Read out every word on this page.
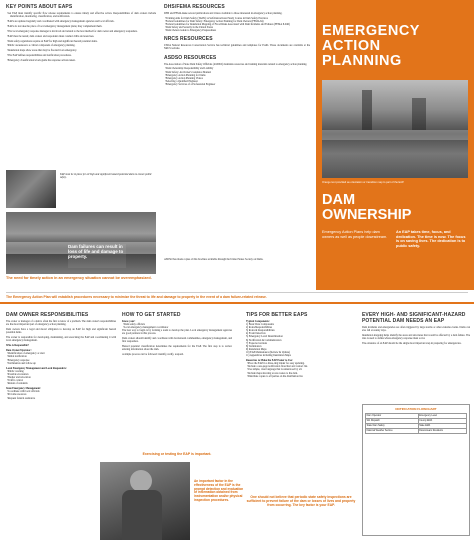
KEY POINTS ABOUT EAPS
• An EAP must identify specific flow release requirements to ensure timely and effective action. Responsibilities of dam owners include identification, monitoring, classification, and notification.
• EAPs are updated regularly and coordinated with emergency management agencies and local officials.
• EAPs do not take the place of local emergency management plans; they complement them.
• The local emergency response manager is involved and related to the best method for dam owner and emergency responders.
• EAP must be tested; dam owners and responders must conduct drills and exercises.
• Dam safety regulations require an EAP for high and significant hazard potential dams.
• Public awareness is a critical component of emergency planning.
• Inundation maps show areas that may be flooded in an emergency.
• The EAP defines responsibilities and notification procedures.
• Emergency classification levels guide the response actions taken.
EAP must be in place for all high and significant hazard potential dams to ensure public safety.
Dam failures can result in loss of life and damage to property.
The need for timely action in an emergency situation cannot be overemphasized.
DHS/FEMA RESOURCES
DHS and FEMA make several publications and videos available to those interested in emergency action planning.
• Training Aids for Dam Safety (TADS): A Self-Instructional Study Course in Dam Safety Practices
• Federal Guidelines for Dam Safety: Emergency Action Planning for Dam Owners (FEMA 64)
• Federal Guidelines for Inundation Mapping of Flood Risks Associated with Dam Incidents and Failures (FEMA P-946)
• Dam Safety and Security in the United States
• Dam Owners Guide to Emergency Preparedness
NRCS RESOURCES
USDA Natural Resources Conservation Service has technical guidelines and templates for EAPs. These documents are available at the NRCS website.
ASDSO RESOURCES
The Association of State Dam Safety Officials (ASDSO) maintains resources and training materials related to emergency action planning.
• Dam Ownership: Responsibility and Liability
• Dam Safety: An Owner's Guidance Manual
• Emergency Action Planning for Dams
• Emergency Action Planning Videos
• Selecting a Qualified Engineer
• Emergency Services of a Professional Engineer
ASDSO has made copies of this brochure available through the United States Society on Dams.
EMERGENCY
ACTION
PLANNING
Orange text provided as orientation or transition map to part of the EAP.
DAM
OWNERSHIP
Emergency Action Plans help dam owners as well as people downstream.
An EAP takes time, focus, and dedication. The time is now. The focus is on saving lives. The dedication is to public safety.
The Emergency Action Plan will establish procedures necessary to minimize the threat to life and damage to property in the event of a dam failure-related release.
DAM OWNER RESPONSIBILITIES
The owner or manager of a dam is often the first to know of a problem. The dam owner's responsibilities are the most important part of emergency action planning.
Dam owners have a legal and moral obligation to develop an EAP for high and significant hazard potential dams.
The owner is responsible for developing, maintaining, and exercising the EAP and coordinating it with local emergency management.
Who is Responsible?
Dam Owner/Operator:
• Identification of emergency or alert
• Initial notification
• Emergency response
• Termination and follow-up
Local Emergency Management and Local Responders:
• Public warning
• Possible evacuation
• Shelter and relocation
• Traffic control
• Return of residents
State Emergency Management:
• Coordinate with local officials
• Provide resources
• Request federal assistance
HOW TO GET STARTED
Know your:
• Dam safety officials
• Local emergency management coordinator
The best way to begin is by forming a team to develop the plan. Local emergency management agencies are good partners in this process.
Dam owners should identify and coordinate with downstream communities, emergency management, and first responders.
Hazard potential classification determines the requirements for the EAP. The first step is to review existing information about the dam.
A simple process can be followed: identify, notify, respond.
Exercising or testing the EAP is important.
An important factor in the effectiveness of the EAP is the prompt detection and evaluation of information obtained from instrumentation and/or physical inspection procedures.
TIPS FOR BETTER EAPS
Typical Components:
1) Basic Data Components
2) Roles/Responsibilities
3) Roles & Responsibilities
4) Event Detection
5) Emergency Level Determination
6) Notification & Communication
7) Expected Actions
8) Termination
9) Inundation Maps
10) EAP Maintenance (Review & Update)
11) Appendices including Inundation Maps
Resources to Make the EAP Easier to Use:
• Place the EAP in a three-ring binder for easy updating.
• Include a one-page notification flowchart and contact list.
• Use simple, clear language that is understood by all.
• Include maps showing access routes to the dam.
• Distribute copies to all parties on the distribution list.
One should not believe that periodic state safety inspections are sufficient to prevent failure of the dam or losses of lives and property from occurring. The key factor is your EAP.
EVERY HIGH- AND SIGNIFICANT-HAZARD POTENTIAL DAM NEEDS AN EAP
Dam incidents and emergencies are often triggered by large storms or other extreme events. Dams can also fail on sunny days.
Inundation mapping helps identify the areas and structures that would be affected by a dam failure. The data is used to define where emergency response must occur.
The existence of an EAP should be the single most important step in preparing for emergencies.
NOTIFICATION FLOWCHART
Dam Operator	Emergency Level
911 Dispatch	County EMA
State Dam Safety	State EMA
National Weather Service	Downstream Residents
